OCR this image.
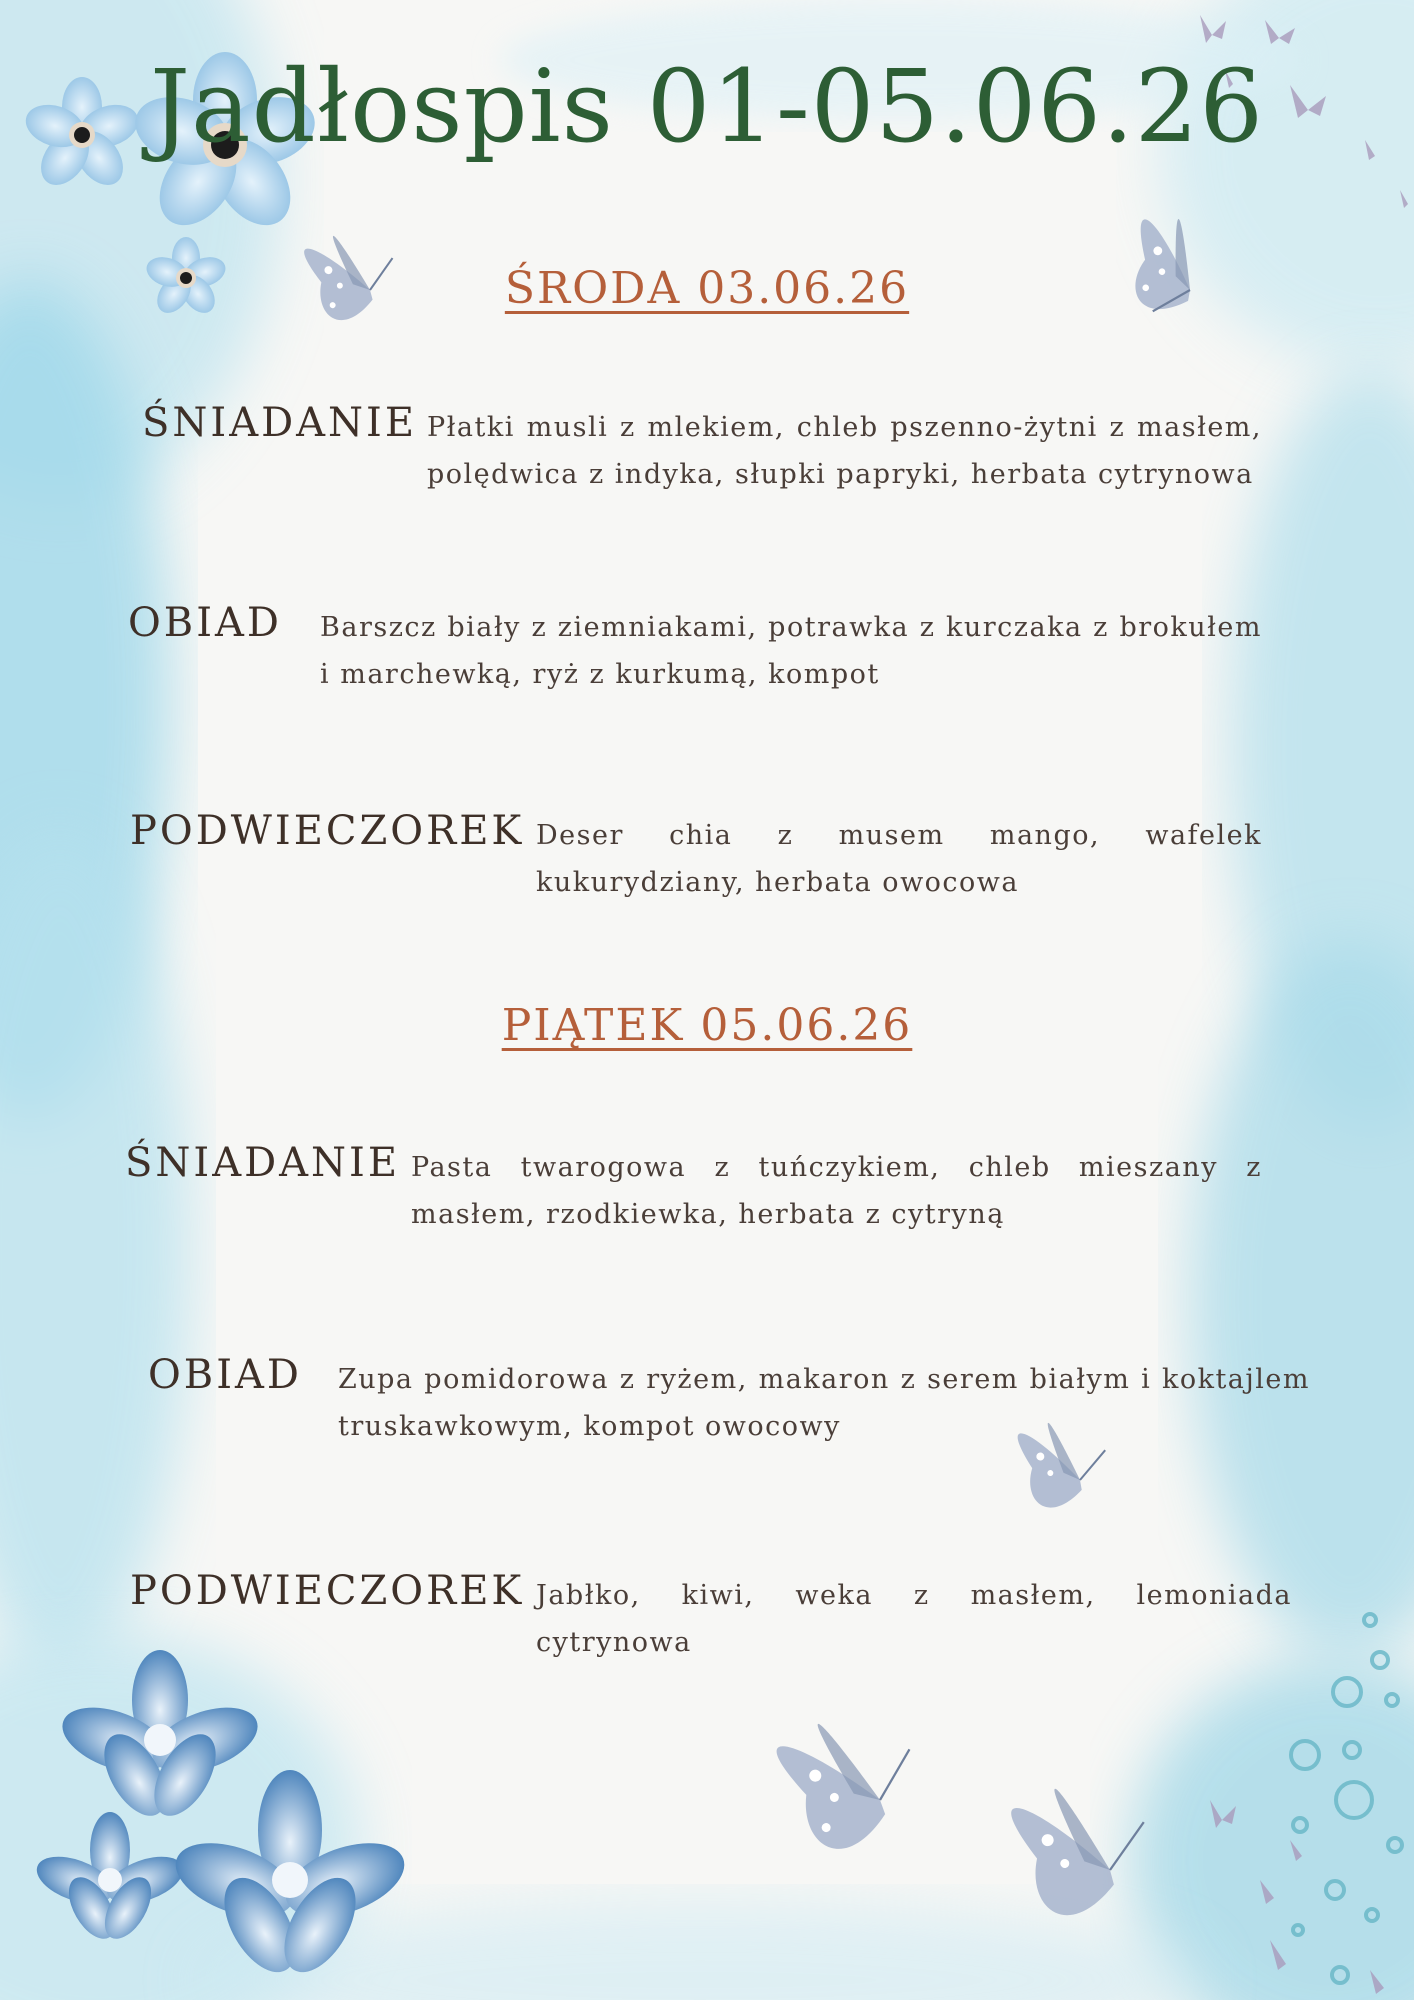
Jadłospis 01-05.06.26
ŚRODA 03.06.26
ŚNIADANIE Płatki musli z mlekiem, chleb pszenno-żytni z masłem, polędwica z indyka, słupki papryki, herbata cytrynowa
OBIAD Barszcz biały z ziemniakami, potrawka z kurczaka z brokułem i marchewką, ryż z kurkumą, kompot
PODWIECZOREK Deser chia z musem mango, wafelek kukurydziany, herbata owocowa
PIĄTEK 05.06.26
ŚNIADANIE Pasta twarogowa z tuńczykiem, chleb mieszany z masłem, rzodkiewka, herbata z cytryną
OBIAD Zupa pomidorowa z ryżem, makaron z serem białym i koktajlem truskawkowym, kompot owocowy
PODWIECZOREK Jabłko, kiwi, weka z masłem, lemoniada cytrynowa
